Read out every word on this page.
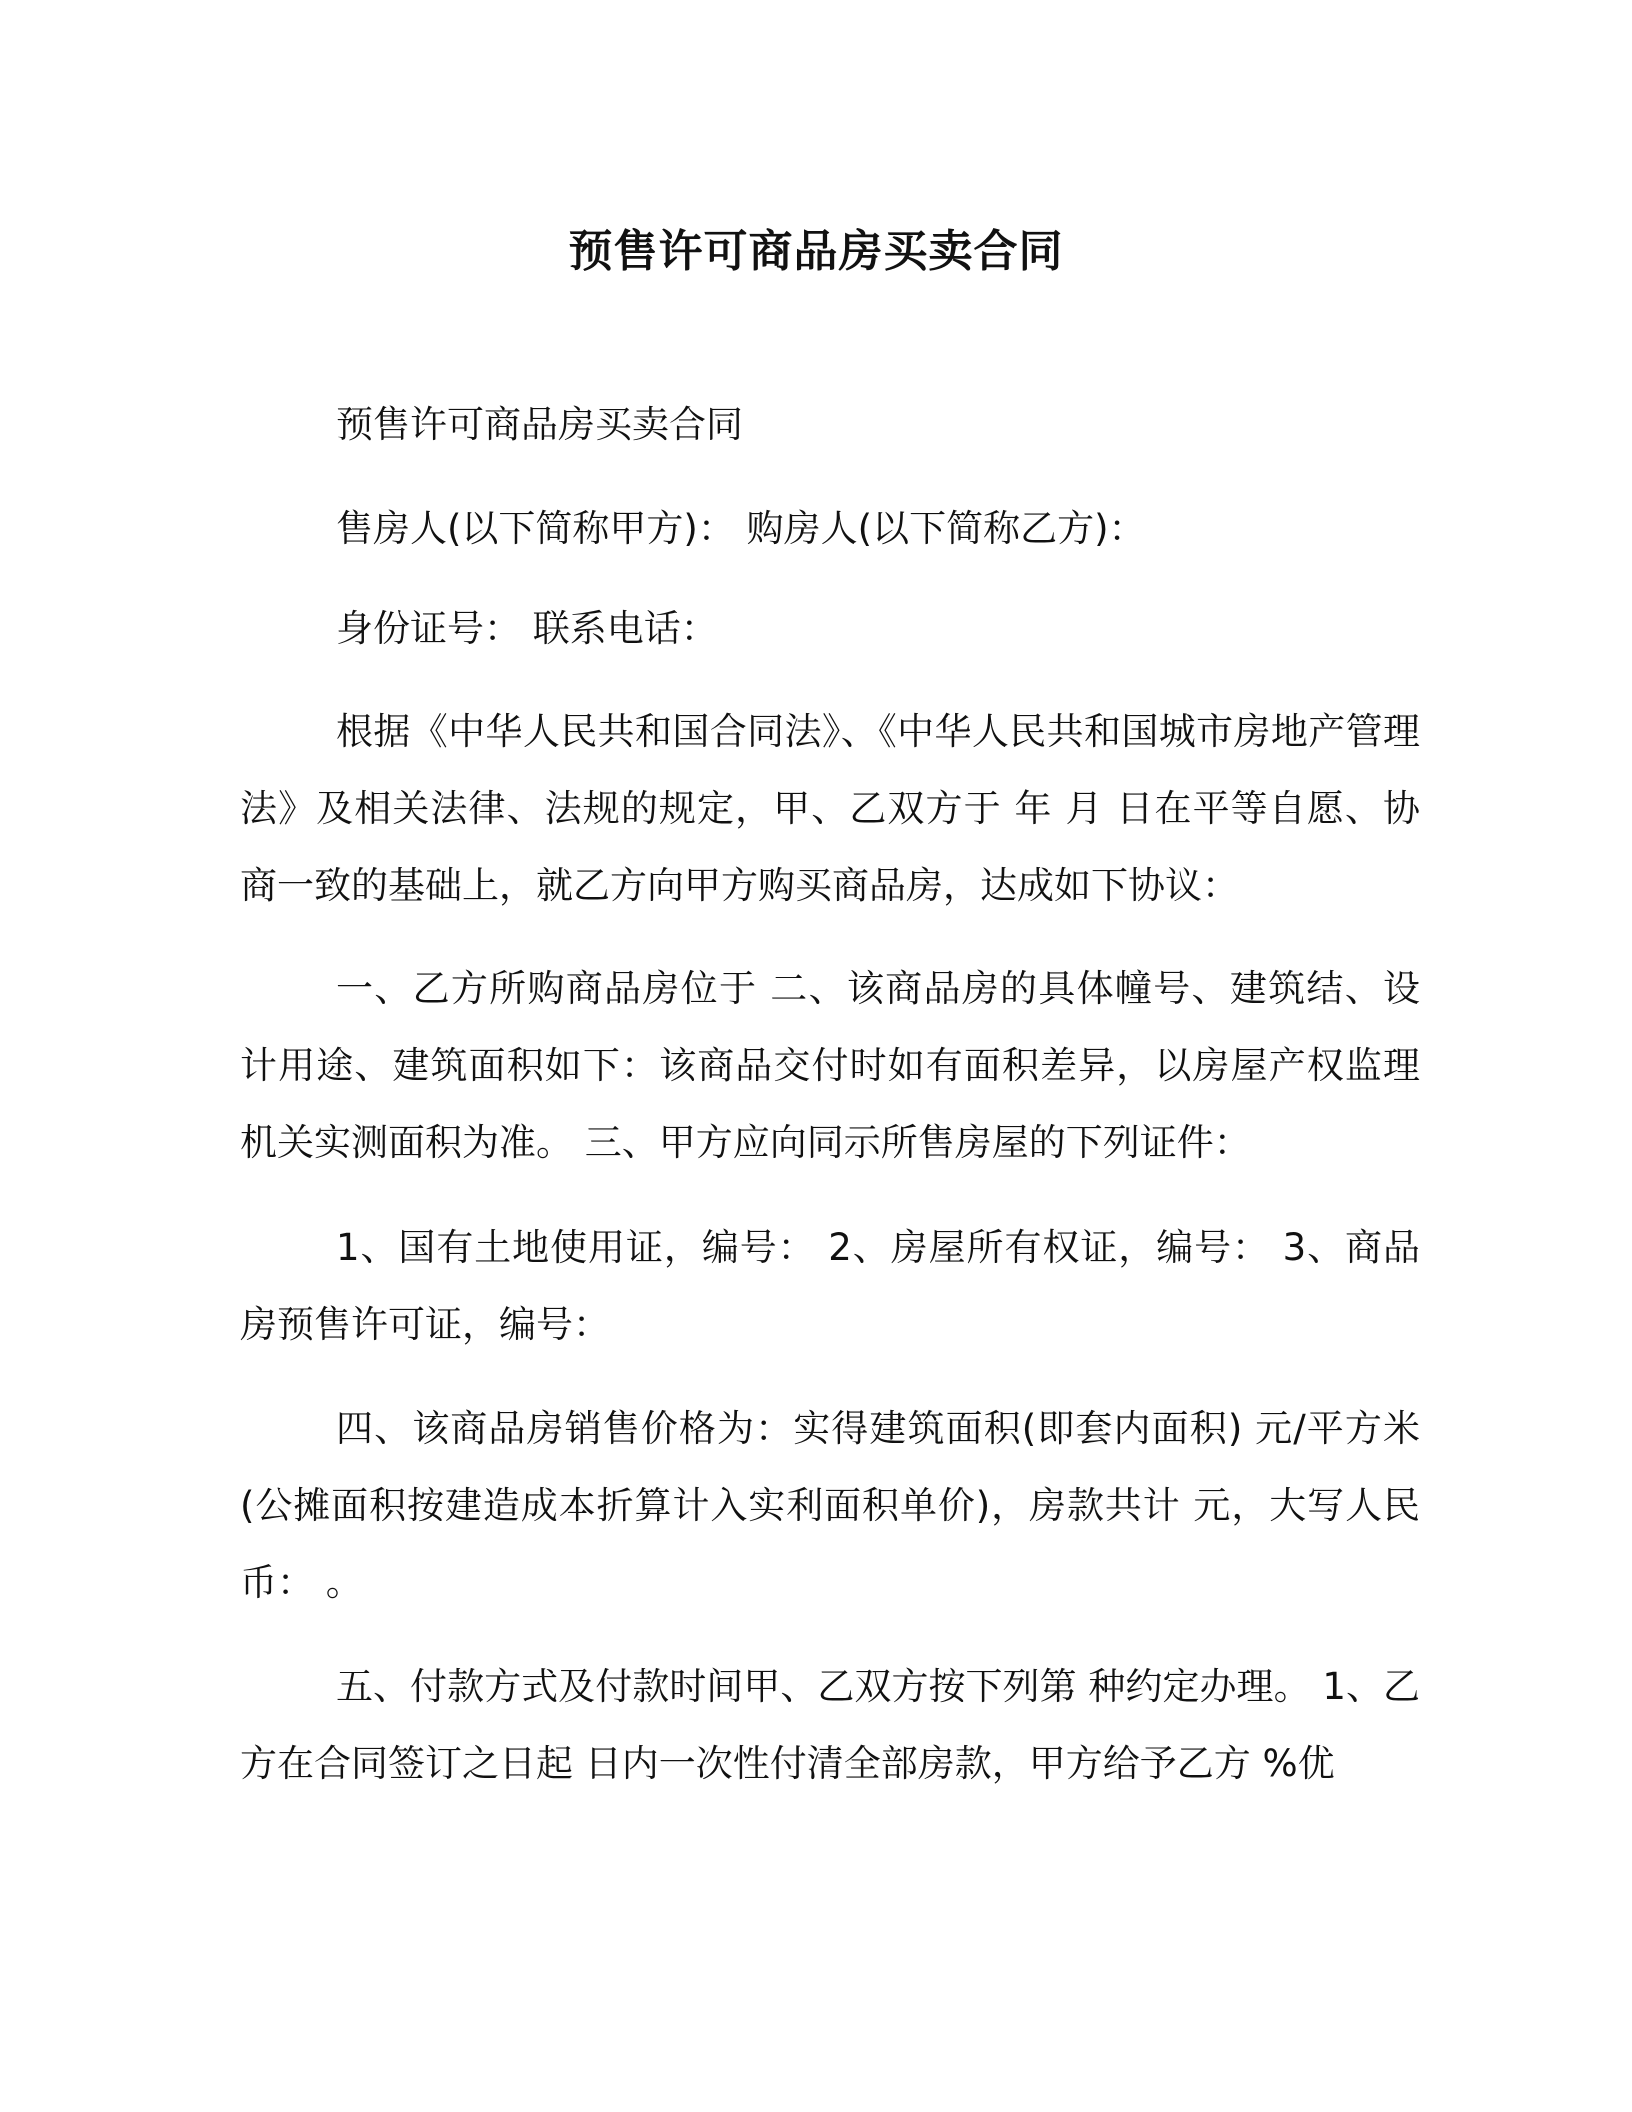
预售许可商品房买卖合同

预售许可商品房买卖合同

售房人(以下简称甲方)： 购房人(以下简称乙方)：

身份证号： 联系电话：

根据《中华人民共和国合同法》、《中华人民共和国城市房地产管理法》及相关法律、法规的规定，甲、乙双方于 年 月 日在平等自愿、协商一致的基础上，就乙方向甲方购买商品房，达成如下协议：

一、乙方所购商品房位于 二、该商品房的具体幢号、建筑结、设计用途、建筑面积如下：该商品交付时如有面积差异，以房屋产权监理机关实测面积为准。 三、甲方应向同示所售房屋的下列证件：

1、国有土地使用证，编号： 2、房屋所有权证，编号： 3、商品房预售许可证，编号：

四、该商品房销售价格为：实得建筑面积(即套内面积) 元/平方米(公摊面积按建造成本折算计入实利面积单价)，房款共计 元，大写人民币： 。

五、付款方式及付款时间甲、乙双方按下列第 种约定办理。 1、乙方在合同签订之日起 日内一次性付清全部房款，甲方给予乙方 %优
